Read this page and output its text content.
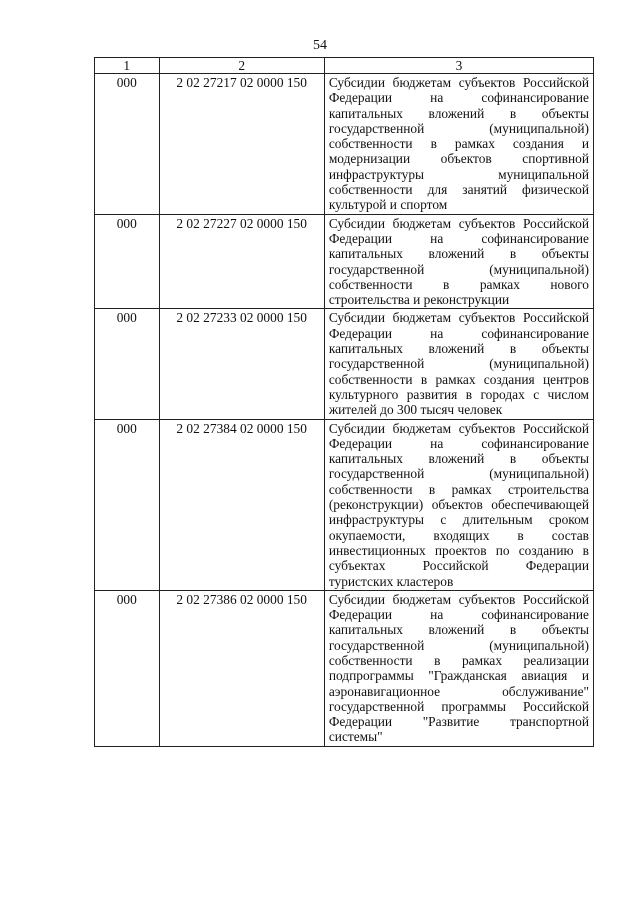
54
1	2	3
000	2 02 27217 02 0000 150	Субсидии бюджетам субъектов Российской Федерации на софинансирование капитальных вложений в объекты государственной (муниципальной) собственности в рамках создания и модернизации объектов спортивной инфраструктуры муниципальной собственности для занятий физической культурой и спортом
000	2 02 27227 02 0000 150	Субсидии бюджетам субъектов Российской Федерации на софинансирование капитальных вложений в объекты государственной (муниципальной) собственности в рамках нового строительства и реконструкции
000	2 02 27233 02 0000 150	Субсидии бюджетам субъектов Российской Федерации на софинансирование капитальных вложений в объекты государственной (муниципальной) собственности в рамках создания центров культурного развития в городах с числом жителей до 300 тысяч человек
000	2 02 27384 02 0000 150	Субсидии бюджетам субъектов Российской Федерации на софинансирование капитальных вложений в объекты государственной (муниципальной) собственности в рамках строительства (реконструкции) объектов обеспечивающей инфраструктуры с длительным сроком окупаемости, входящих в состав инвестиционных проектов по созданию в субъектах Российской Федерации туристских кластеров
000	2 02 27386 02 0000 150	Субсидии бюджетам субъектов Российской Федерации на софинансирование капитальных вложений в объекты государственной (муниципальной) собственности в рамках реализации подпрограммы "Гражданская авиация и аэронавигационное обслуживание" государственной программы Российской Федерации "Развитие транспортной системы"
